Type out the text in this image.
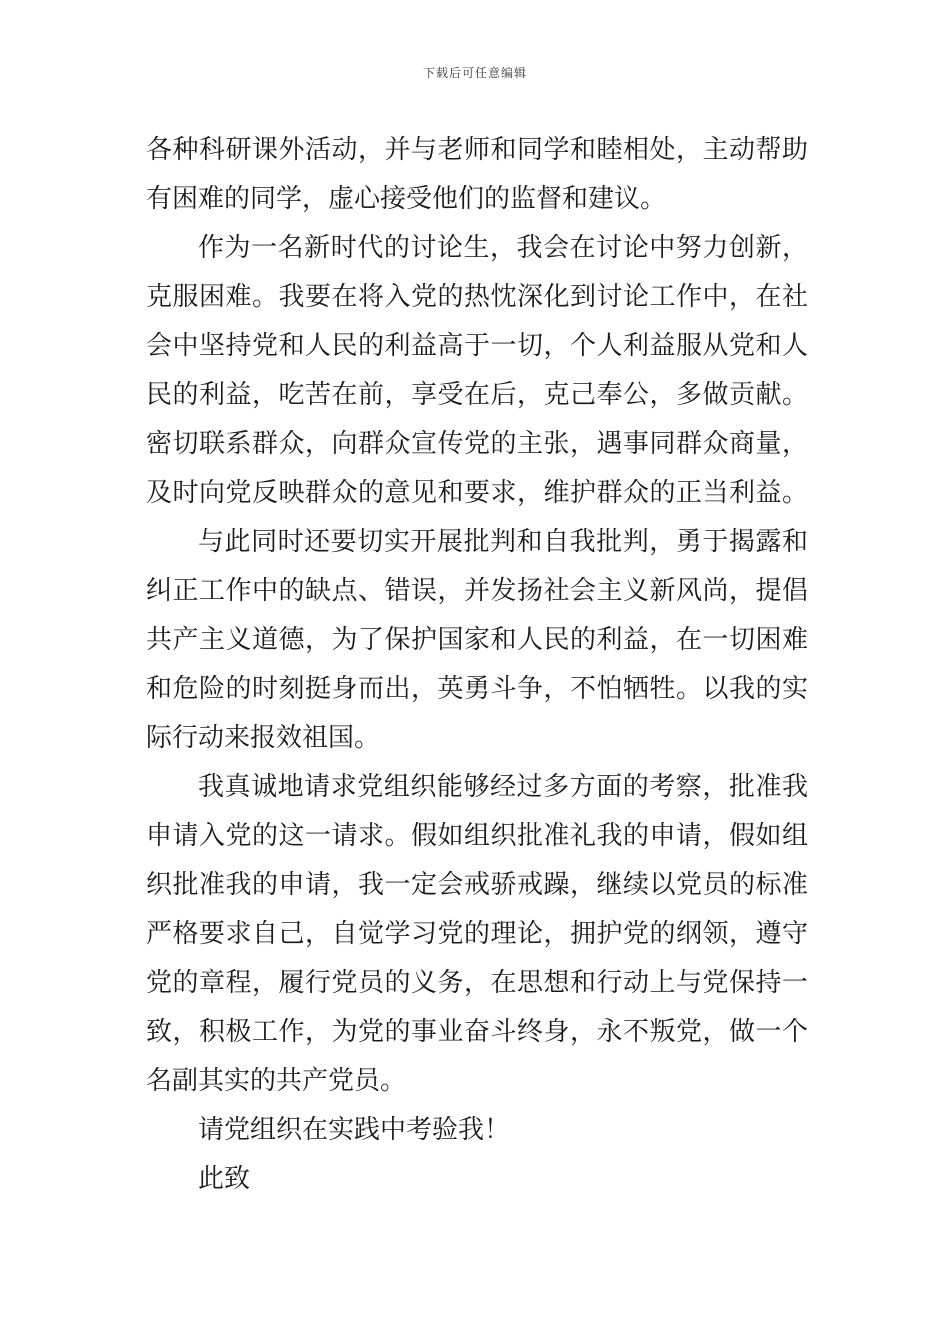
下载后可任意编辑
各种科研课外活动，并与老师和同学和睦相处，主动帮助
有困难的同学，虚心接受他们的监督和建议。
作为一名新时代的讨论生，我会在讨论中努力创新，
克服困难。我要在将入党的热忱深化到讨论工作中，在社
会中坚持党和人民的利益高于一切，个人利益服从党和人
民的利益，吃苦在前，享受在后，克己奉公，多做贡献。
密切联系群众，向群众宣传党的主张，遇事同群众商量，
及时向党反映群众的意见和要求，维护群众的正当利益。
与此同时还要切实开展批判和自我批判，勇于揭露和
纠正工作中的缺点、错误，并发扬社会主义新风尚，提倡
共产主义道德，为了保护国家和人民的利益，在一切困难
和危险的时刻挺身而出，英勇斗争，不怕牺牲。以我的实
际行动来报效祖国。
我真诚地请求党组织能够经过多方面的考察，批准我
申请入党的这一请求。假如组织批准礼我的申请，假如组
织批准我的申请，我一定会戒骄戒躁，继续以党员的标准
严格要求自己，自觉学习党的理论，拥护党的纲领，遵守
党的章程，履行党员的义务，在思想和行动上与党保持一
致，积极工作，为党的事业奋斗终身，永不叛党，做一个
名副其实的共产党员。
请党组织在实践中考验我！
此致
